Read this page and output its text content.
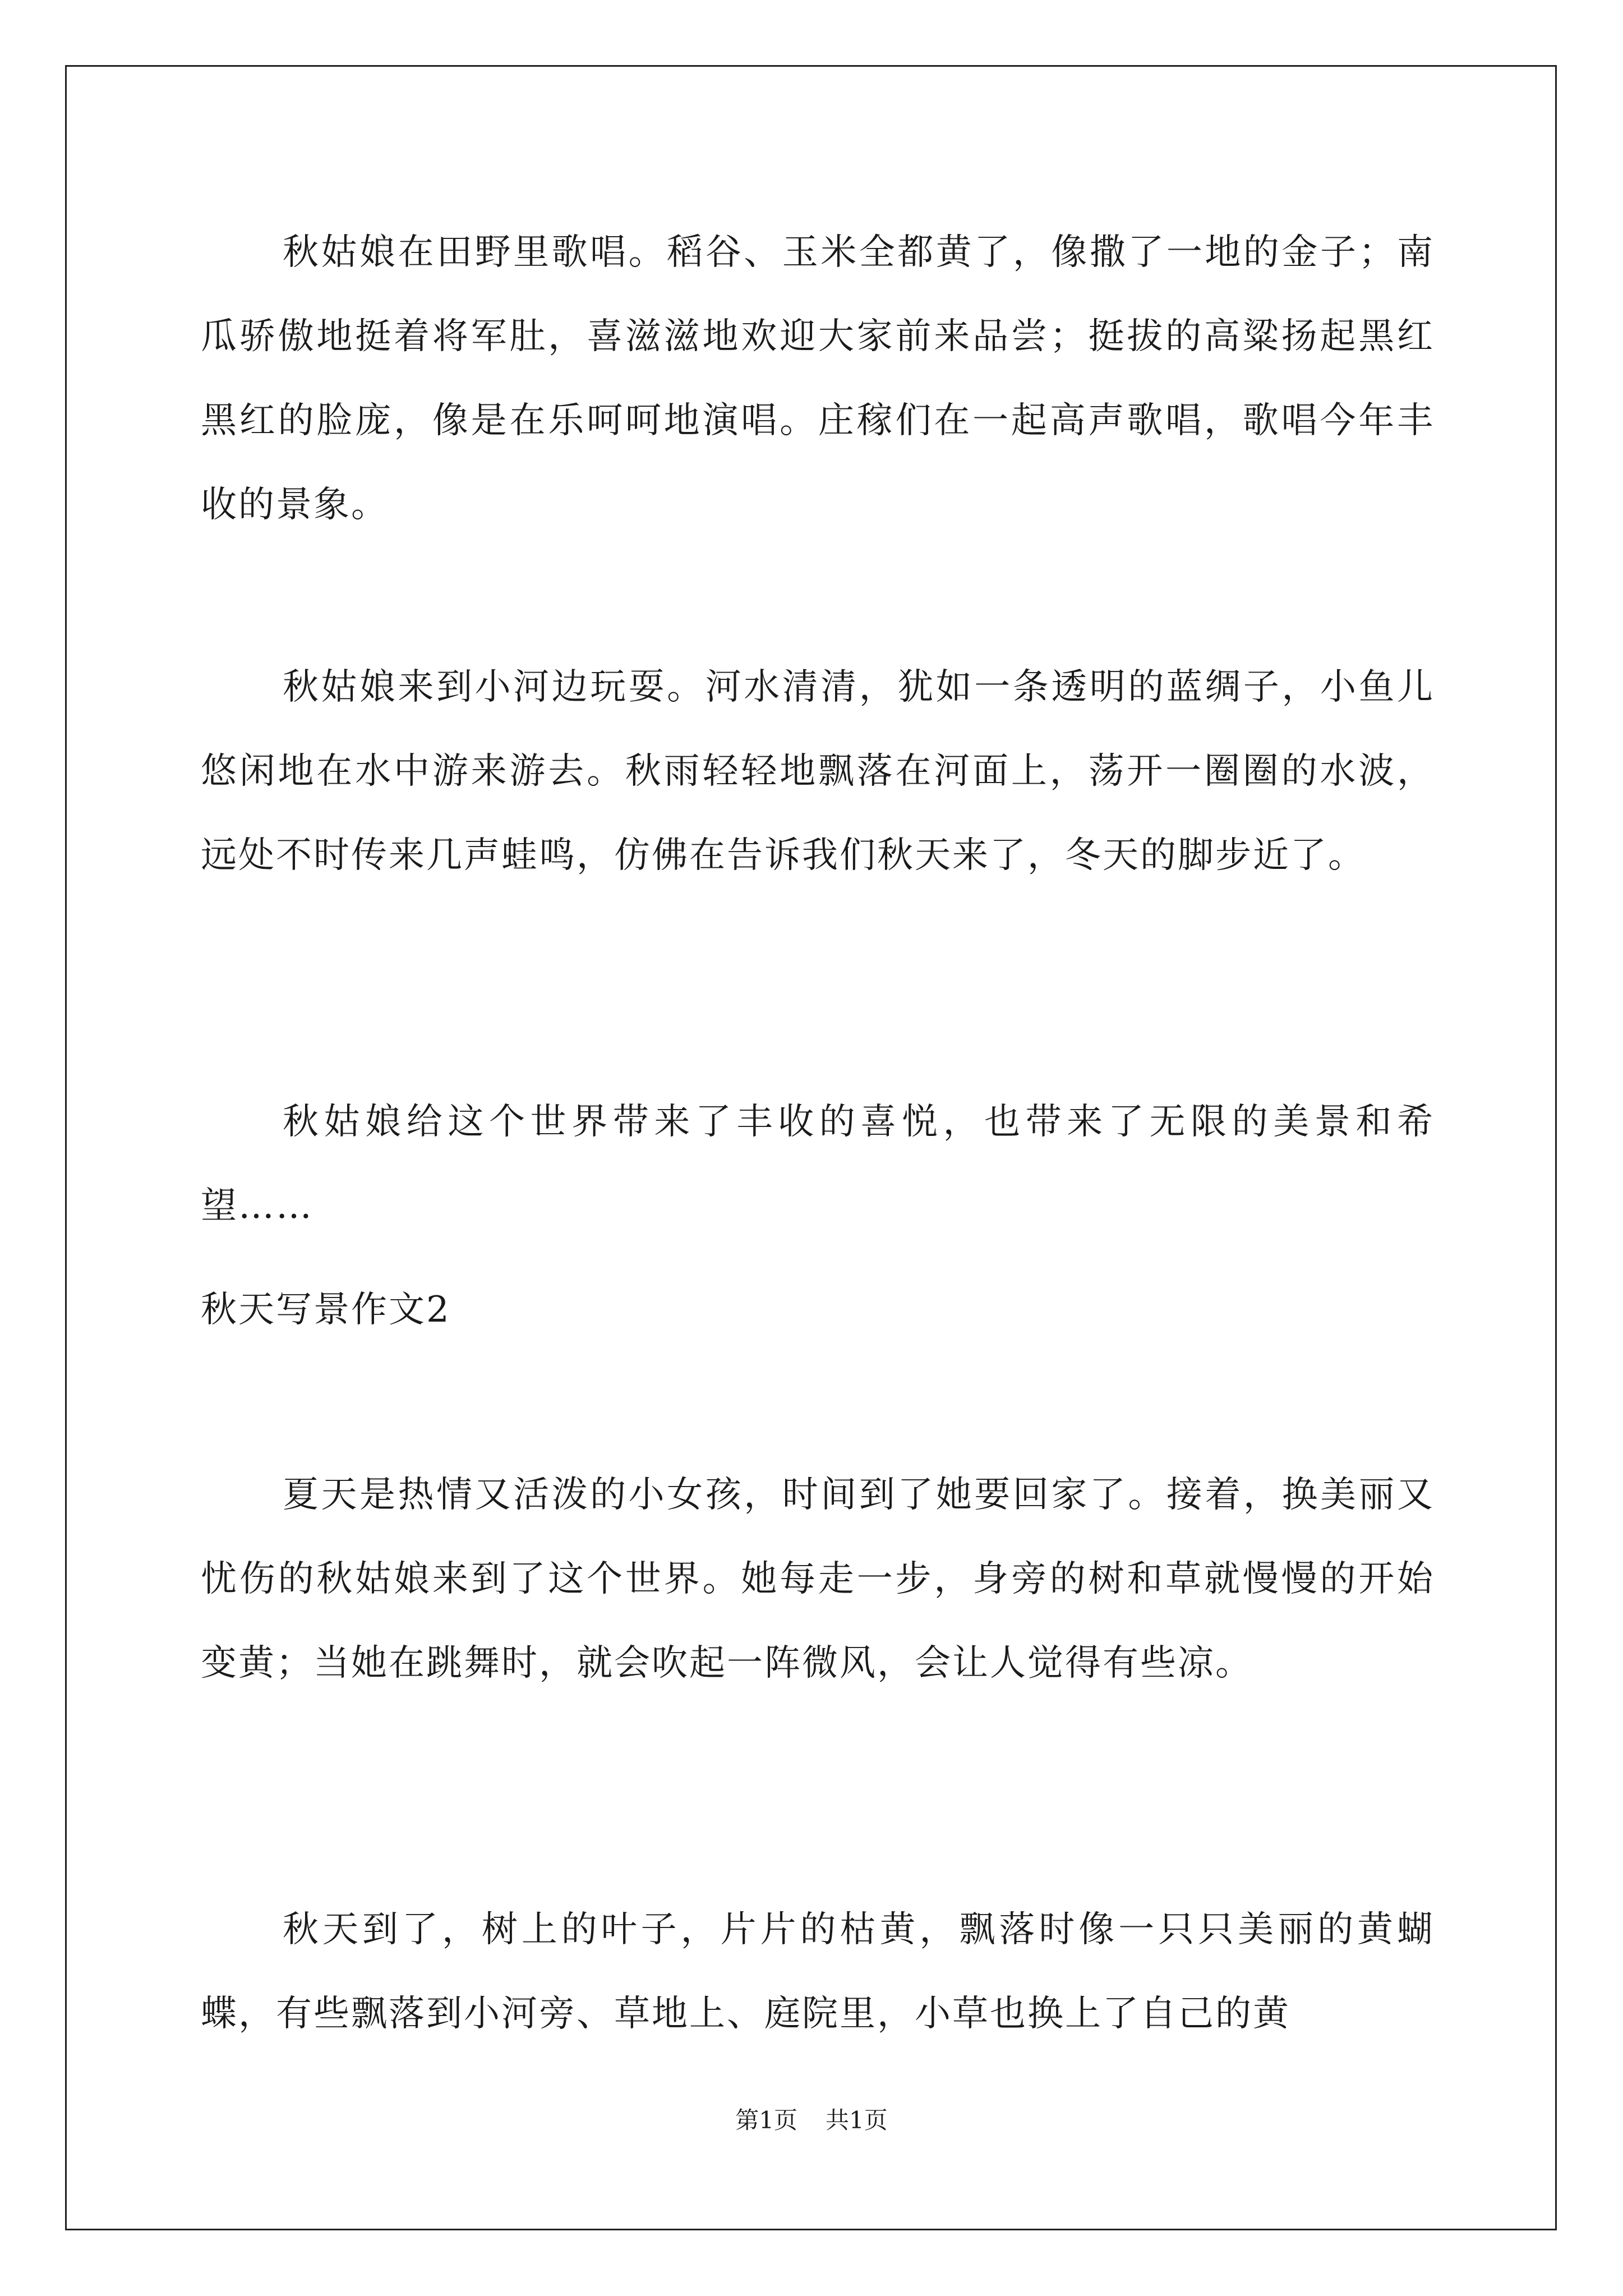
秋姑娘在田野里歌唱。稻谷、玉米全都黄了，像撒了一地的金子；南瓜骄傲地挺着将军肚，喜滋滋地欢迎大家前来品尝；挺拔的高粱扬起黑红黑红的脸庞，像是在乐呵呵地演唱。庄稼们在一起高声歌唱，歌唱今年丰收的景象。

秋姑娘来到小河边玩耍。河水清清，犹如一条透明的蓝绸子，小鱼儿悠闲地在水中游来游去。秋雨轻轻地飘落在河面上，荡开一圈圈的水波，远处不时传来几声蛙鸣，仿佛在告诉我们秋天来了，冬天的脚步近了。

秋姑娘给这个世界带来了丰收的喜悦，也带来了无限的美景和希望……

秋天写景作文2

夏天是热情又活泼的小女孩，时间到了她要回家了。接着，换美丽又忧伤的秋姑娘来到了这个世界。她每走一步，身旁的树和草就慢慢的开始变黄；当她在跳舞时，就会吹起一阵微风，会让人觉得有些凉。

秋天到了，树上的叶子，片片的枯黄，飘落时像一只只美丽的黄蝴蝶，有些飘落到小河旁、草地上、庭院里，小草也换上了自己的黄

第1页 共1页
